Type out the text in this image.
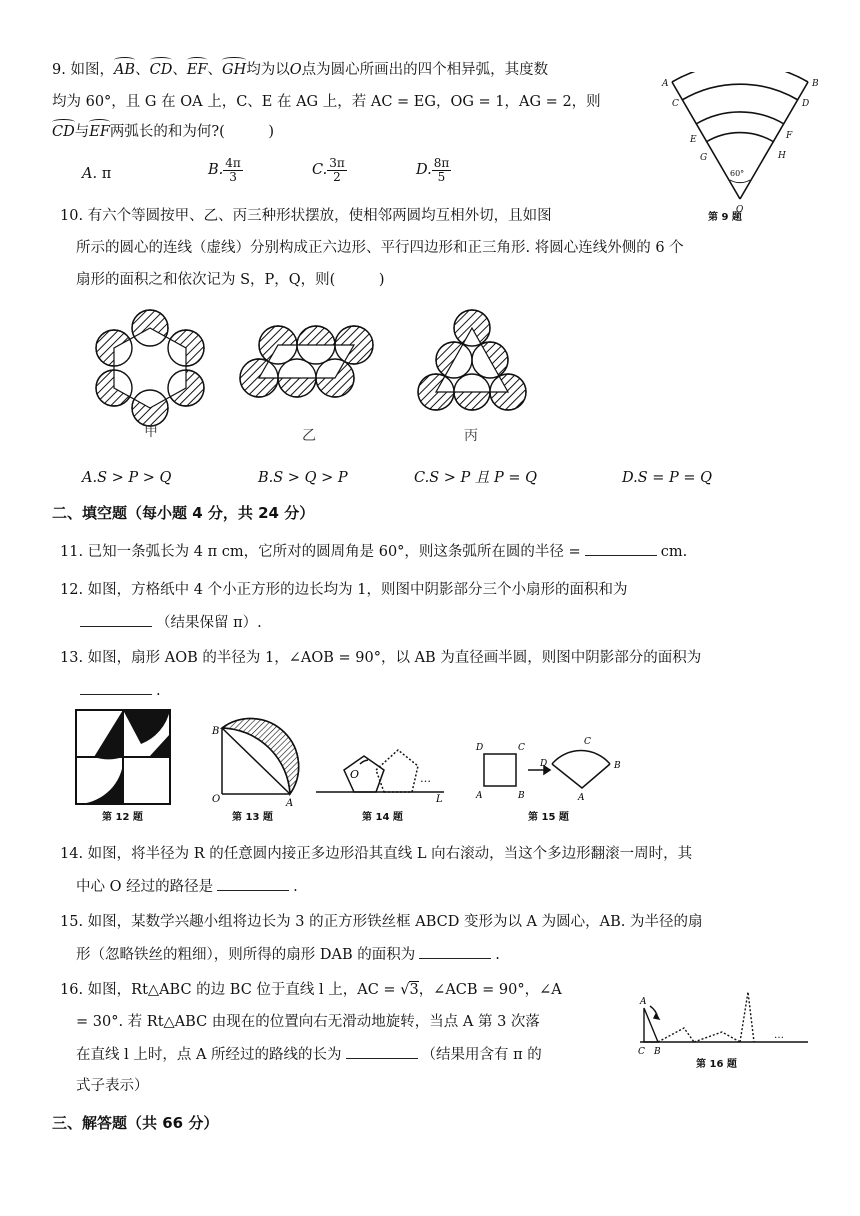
9. 如图，AB、CD、EF、GH均为以O点为圆心所画出的四个相异弧，其度数
均为 60°，且 G 在 OA 上，C、E 在 AG 上，若 AC = EG，OG = 1，AG = 2，则
CD与EF两弧长的和为何?(　　　)
A. π	B. $\frac{4\pi}{3}$	C. $\frac{3\pi}{2}$	D. $\frac{8\pi}{5}$
A	B
C	D
E	F
G	H
O
60°
第 9 题
10. 有六个等圆按甲、乙、丙三种形状摆放，使相邻两圆均互相外切，且如图
所示的圆心的连线（虚线）分别构成正六边形、平行四边形和正三角形. 将圆心连线外侧的 6 个
扇形的面积之和依次记为 S，P，Q，则(　　　)
甲	乙	丙
A.S > P > Q	B.S > Q > P	C.S > P 且 P = Q	D.S = P = Q
二、填空题（每小题 4 分，共 24 分）
11. 已知一条弧长为 4 π cm，它所对的圆周角是 60°，则这条弧所在圆的半径 =	cm.
12. 如图，方格纸中 4 个小正方形的边长均为 1，则图中阴影部分三个小扇形的面积和为
（结果保留 π）.
13. 如图，扇形 AOB 的半径为 1，∠AOB = 90°，以 AB 为直径画半圆，则图中阴影部分的面积为
.
B
O	A
O	…
L
D	C
A	B
D
C
B
A
第 12 题	第 13 题	第 14 题	第 15 题
14. 如图，将半径为 R 的任意圆内接正多边形沿其直线 L 向右滚动，当这个多边形翻滚一周时，其
中心 O 经过的路径是	.
15. 如图，某数学兴趣小组将边长为 3 的正方形铁丝框 ABCD 变形为以 A 为圆心，AB. 为半径的扇
形（忽略铁丝的粗细），则所得的扇形 DAB 的面积为	.
16. 如图，Rt△ABC 的边 BC 位于直线 l 上，AC = √3，∠ACB = 90°，∠A
= 30°. 若 Rt△ABC 由现在的位置向右无滑动地旋转，当点 A 第 3 次落
在直线 l 上时，点 A 所经过的路线的长为	（结果用含有 π 的
式子表示）
C B
A
…
第 16 题
三、解答题（共 66 分）
